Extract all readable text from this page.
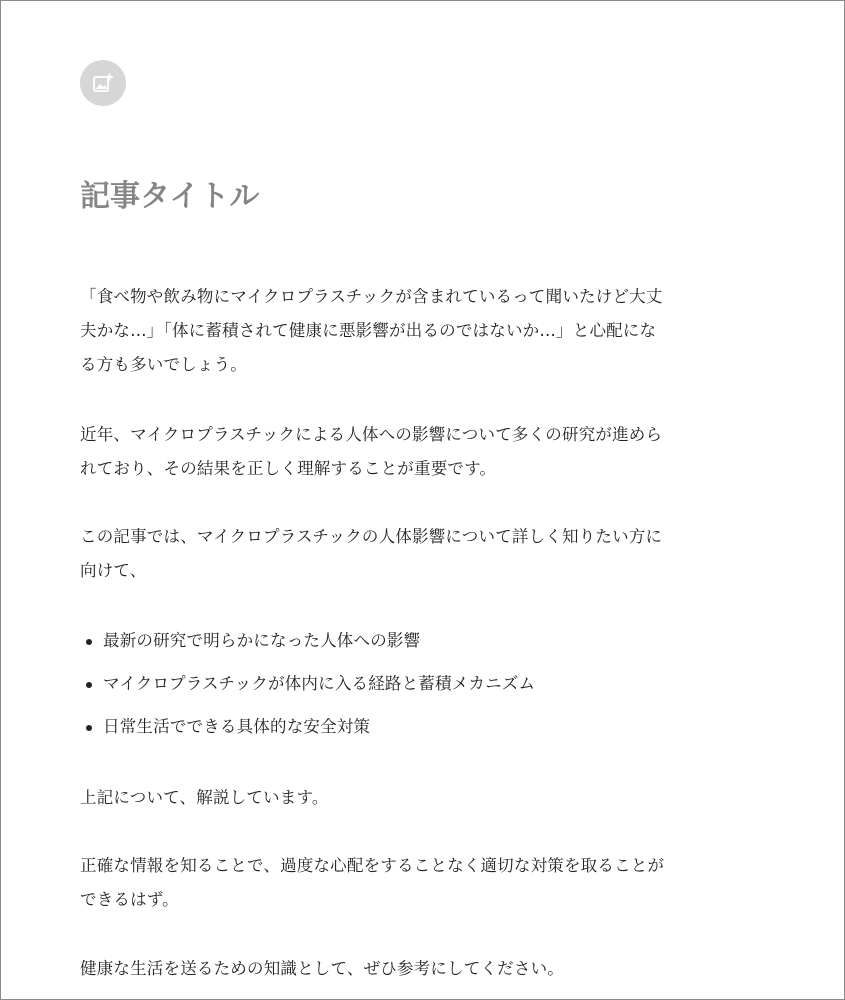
記事タイトル

「食べ物や飲み物にマイクロプラスチックが含まれているって聞いたけど大丈夫かな…」「体に蓄積されて健康に悪影響が出るのではないか…」と心配になる方も多いでしょう。

近年、マイクロプラスチックによる人体への影響について多くの研究が進められており、その結果を正しく理解することが重要です。

この記事では、マイクロプラスチックの人体影響について詳しく知りたい方に向けて、

最新の研究で明らかになった人体への影響
マイクロプラスチックが体内に入る経路と蓄積メカニズム
日常生活でできる具体的な安全対策

上記について、解説しています。

正確な情報を知ることで、過度な心配をすることなく適切な対策を取ることができるはず。

健康な生活を送るための知識として、ぜひ参考にしてください。
